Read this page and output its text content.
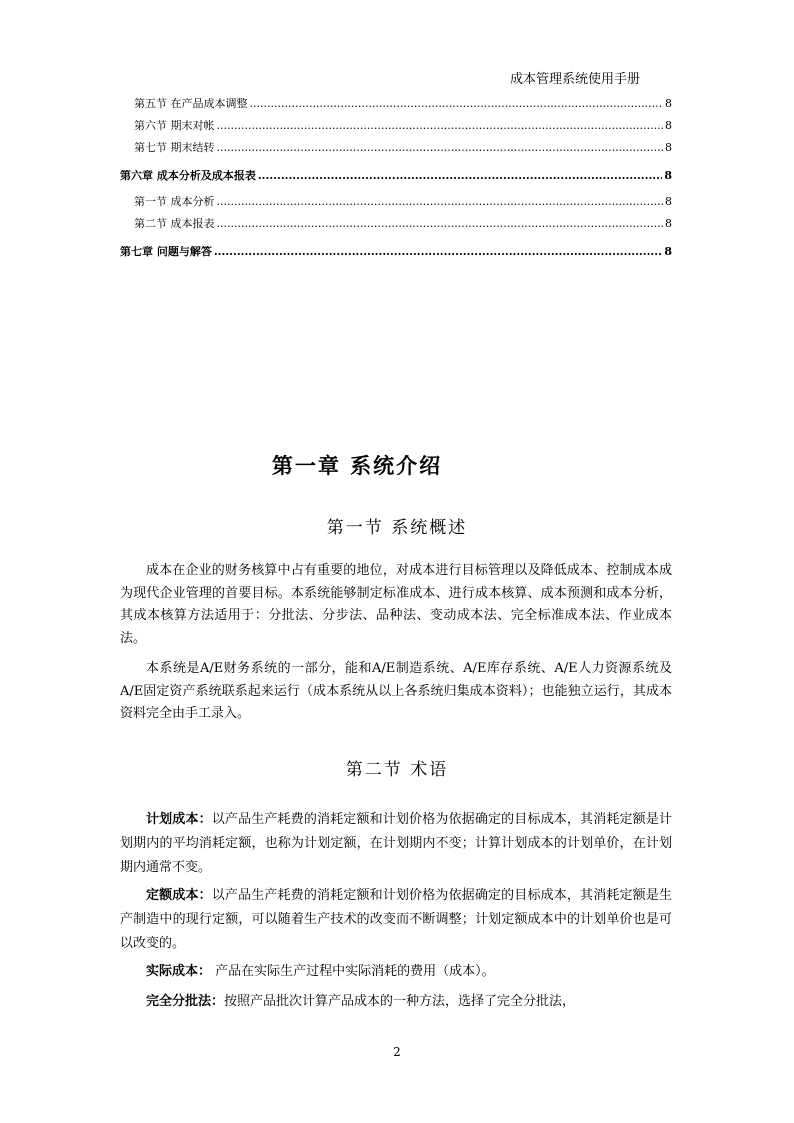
成本管理系统使用手册
第五节 在产品成本调整 .....	8
第六节 期末对帐 .....	8
第七节 期末结转 .....	8
第六章 成本分析及成本报表 .....	8
第一节 成本分析 .....	8
第二节 成本报表 .....	8
第七章 问题与解答 .....	8
第一章 系统介绍
第一节 系统概述
成本在企业的财务核算中占有重要的地位，对成本进行目标管理以及降低成本、控制成本成为现代企业管理的首要目标。本系统能够制定标准成本、进行成本核算、成本预测和成本分析，其成本核算方法适用于：分批法、分步法、品种法、变动成本法、完全标准成本法、作业成本法。
本系统是A/E财务系统的一部分，能和A/E制造系统、A/E库存系统、A/E人力资源系统及A/E固定资产系统联系起来运行（成本系统从以上各系统归集成本资料）；也能独立运行，其成本资料完全由手工录入。
第二节 术语
计划成本：以产品生产耗费的消耗定额和计划价格为依据确定的目标成本，其消耗定额是计划期内的平均消耗定额，也称为计划定额，在计划期内不变；计算计划成本的计划单价，在计划期内通常不变。
定额成本：以产品生产耗费的消耗定额和计划价格为依据确定的目标成本，其消耗定额是生产制造中的现行定额，可以随着生产技术的改变而不断调整；计划定额成本中的计划单价也是可以改变的。
实际成本： 产品在实际生产过程中实际消耗的费用（成本）。
完全分批法：按照产品批次计算产品成本的一种方法，选择了完全分批法，
2
